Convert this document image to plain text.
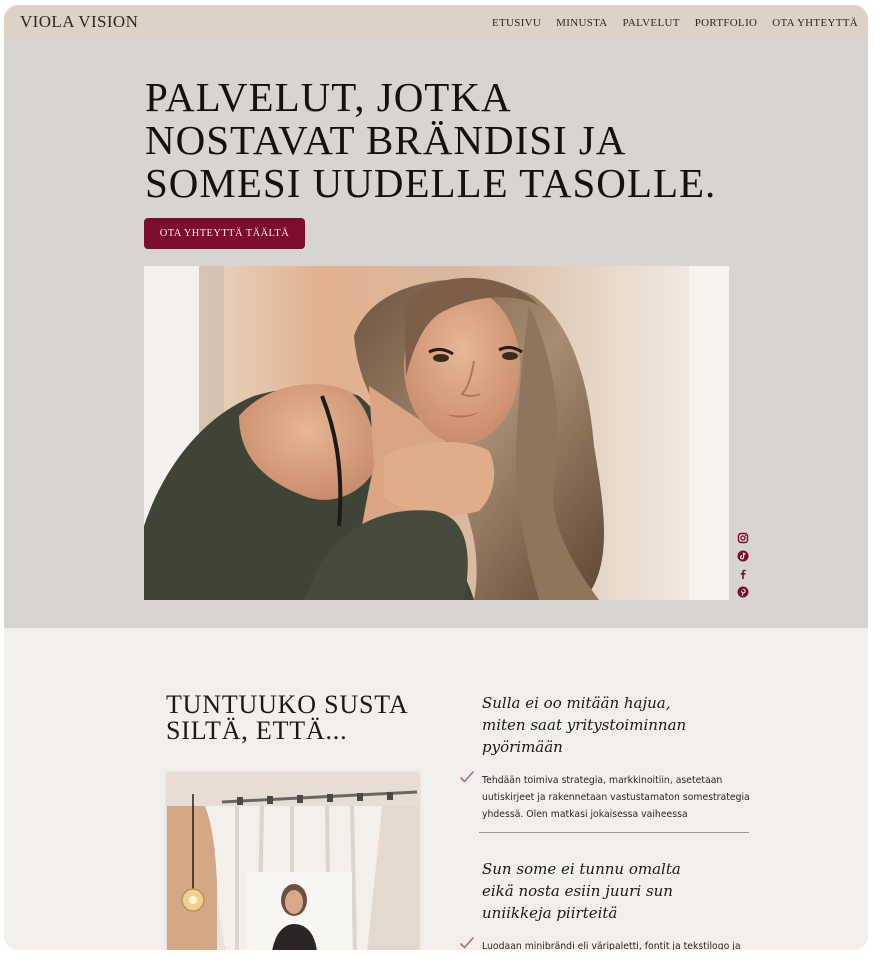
VIOLA VISION	ETUSIVU MINUSTA PALVELUT PORTFOLIO OTA YHTEYTTÄ
PALVELUT, JOTKA
NOSTAVAT BRÄNDISI JA
SOMESI UUDELLE TASOLLE.
OTA YHTEYTTÄ TÄÄLTÄ
TUNTUUKO SUSTA
SILTÄ, ETTÄ...

Sulla ei oo mitään hajua,
miten saat yritystoiminnan
pyörimään

Tehdään toimiva strategia, markkinoitiin, asetetaan
uutiskirjeet ja rakennetaan vastustamaton somestrategia
yhdessä. Olen matkasi jokaisessa vaiheessa

Sun some ei tunnu omalta
eikä nosta esiin juuri sun
uniikkeja piirteitä

Luodaan minibrändi eli väripaletti, fontit ja tekstilogo ja
